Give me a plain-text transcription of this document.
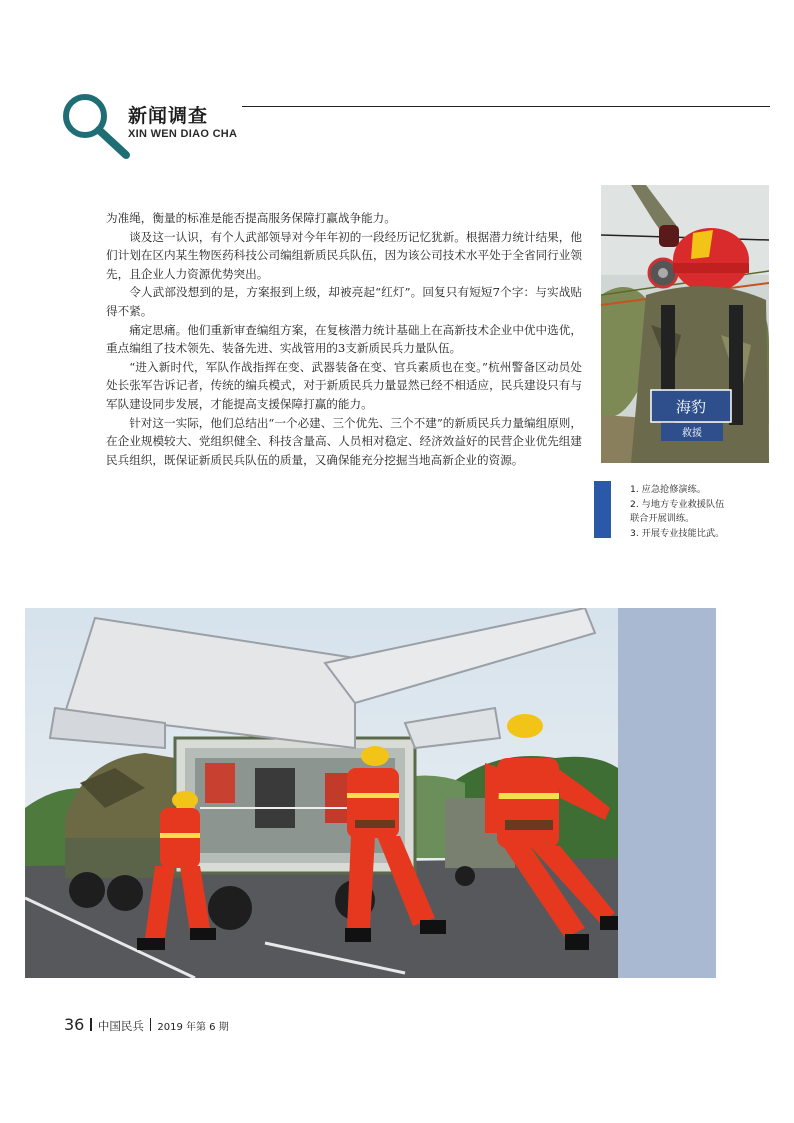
新闻调查
XIN WEN DIAO CHA

为准绳，衡量的标准是能否提高服务保障打赢战争能力。

谈及这一认识，有个人武部领导对今年年初的一段经历记忆犹新。根据潜力统计结果，他们计划在区内某生物医药科技公司编组新质民兵队伍，因为该公司技术水平处于全省同行业领先，且企业人力资源优势突出。

令人武部没想到的是，方案报到上级，却被亮起“红灯”。回复只有短短7个字：与实战贴得不紧。

痛定思痛。他们重新审查编组方案，在复核潜力统计基础上在高新技术企业中优中选优，重点编组了技术领先、装备先进、实战管用的3支新质民兵力量队伍。

“进入新时代，军队作战指挥在变、武器装备在变、官兵素质也在变。”杭州警备区动员处处长张军告诉记者，传统的编兵模式，对于新质民兵力量显然已经不相适应，民兵建设只有与军队建设同步发展，才能提高支援保障打赢的能力。

针对这一实际，他们总结出“一个必建、三个优先、三个不建”的新质民兵力量编组原则，在企业规模较大、党组织健全、科技含量高、人员相对稳定、经济效益好的民营企业优先组建民兵组织，既保证新质民兵队伍的质量，又确保能充分挖掘当地高新企业的资源。

海豹
救援
1. 应急抢修演练。
2. 与地方专业救援队伍
联合开展训练。
3. 开展专业技能比武。
36 中国民兵 2019 年第 6 期
